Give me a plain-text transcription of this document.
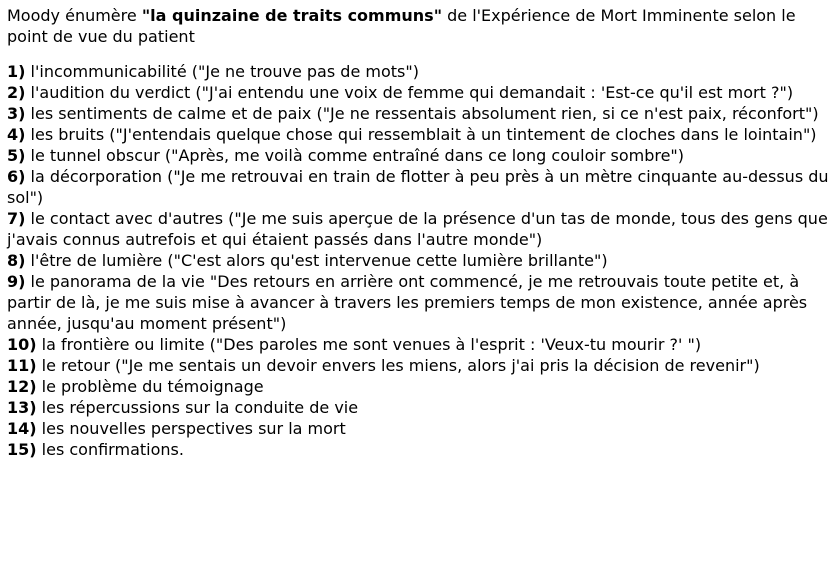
Moody énumère "la quinzaine de traits communs" de l'Expérience de Mort Imminente selon le point de vue du patient

1) l'incommunicabilité ("Je ne trouve pas de mots")
2) l'audition du verdict ("J'ai entendu une voix de femme qui demandait : 'Est-ce qu'il est mort ?")
3) les sentiments de calme et de paix ("Je ne ressentais absolument rien, si ce n'est paix, réconfort")
4) les bruits ("J'entendais quelque chose qui ressemblait à un tintement de cloches dans le lointain")
5) le tunnel obscur ("Après, me voilà comme entraîné dans ce long couloir sombre")
6) la décorporation ("Je me retrouvai en train de flotter à peu près à un mètre cinquante au-dessus du sol")
7) le contact avec d'autres ("Je me suis aperçue de la présence d'un tas de monde, tous des gens que j'avais connus autrefois et qui étaient passés dans l'autre monde")
8) l'être de lumière ("C'est alors qu'est intervenue cette lumière brillante")
9) le panorama de la vie "Des retours en arrière ont commencé, je me retrouvais toute petite et, à partir de là, je me suis mise à avancer à travers les premiers temps de mon existence, année après année, jusqu'au moment présent")
10) la frontière ou limite ("Des paroles me sont venues à l'esprit : 'Veux-tu mourir ?' ")
11) le retour ("Je me sentais un devoir envers les miens, alors j'ai pris la décision de revenir")
12) le problème du témoignage
13) les répercussions sur la conduite de vie
14) les nouvelles perspectives sur la mort
15) les confirmations.
